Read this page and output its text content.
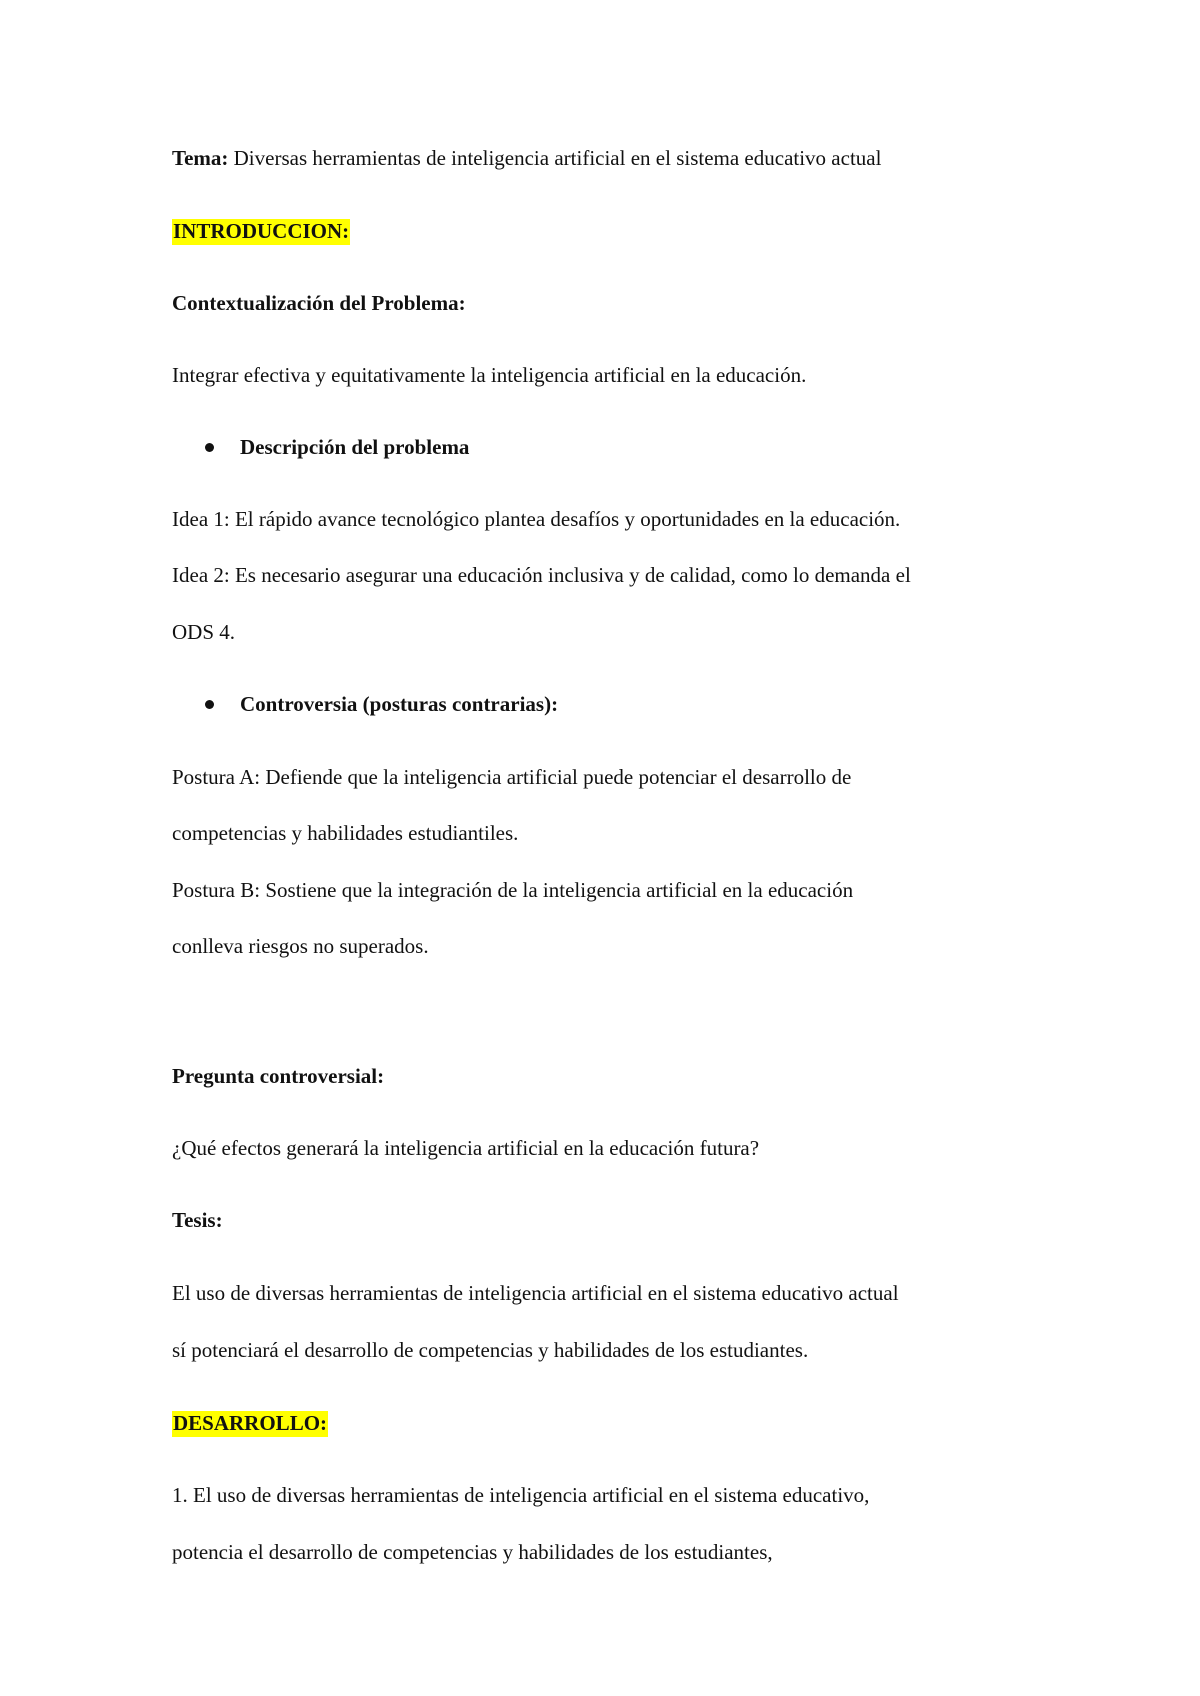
Tema: Diversas herramientas de inteligencia artificial en el sistema educativo actual
INTRODUCCION:
Contextualización del Problema:
Integrar efectiva y equitativamente la inteligencia artificial en la educación.
Descripción del problema
Idea 1: El rápido avance tecnológico plantea desafíos y oportunidades en la educación.
Idea 2: Es necesario asegurar una educación inclusiva y de calidad, como lo demanda el
ODS 4.
Controversia (posturas contrarias):
Postura A: Defiende que la inteligencia artificial puede potenciar el desarrollo de
competencias y habilidades estudiantiles.
Postura B: Sostiene que la integración de la inteligencia artificial en la educación
conlleva riesgos no superados.
Pregunta controversial:
¿Qué efectos generará la inteligencia artificial en la educación futura?
Tesis:
El uso de diversas herramientas de inteligencia artificial en el sistema educativo actual
sí potenciará el desarrollo de competencias y habilidades de los estudiantes.
DESARROLLO:
1. El uso de diversas herramientas de inteligencia artificial en el sistema educativo,
potencia el desarrollo de competencias y habilidades de los estudiantes,
